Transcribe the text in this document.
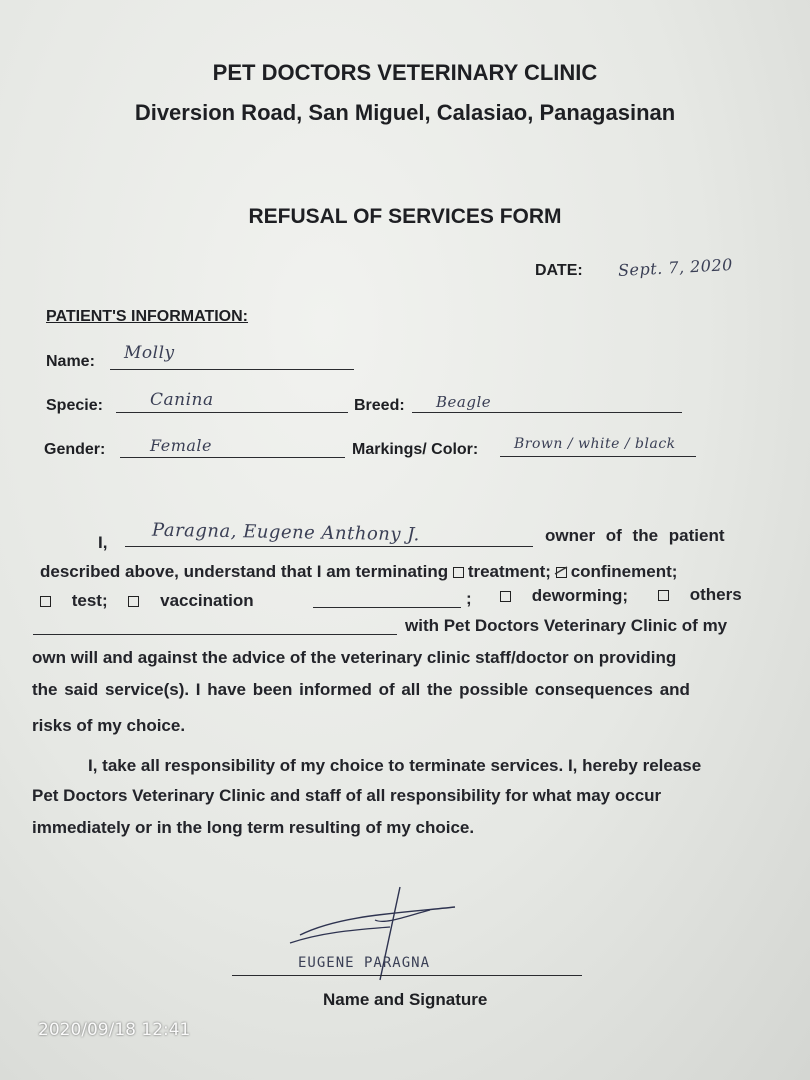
PET DOCTORS VETERINARY CLINIC
Diversion Road, San Miguel, Calasiao, Panagasinan
REFUSAL OF SERVICES FORM
DATE: Sept. 7, 2020
PATIENT'S INFORMATION:
Name: Molly
Specie:	Canina	Breed: Beagle
Gender:	Female	Markings/ Color:	Brown / white / black
I, Paragna, Eugene Anthony J.	owner of the patient
described above, understand that I am terminating treatment; confinement;
test;	vaccination	;	deworming;	others
with Pet Doctors Veterinary Clinic of my
own will and against the advice of the veterinary clinic staff/doctor on providing
the said service(s). I have been informed of all the possible consequences and
risks of my choice.
I, take all responsibility of my choice to terminate services. I, hereby release
Pet Doctors Veterinary Clinic and staff of all responsibility for what may occur
immediately or in the long term resulting of my choice.
EUGENE PARAGNA
Name and Signature
2020/09/18 12:41
